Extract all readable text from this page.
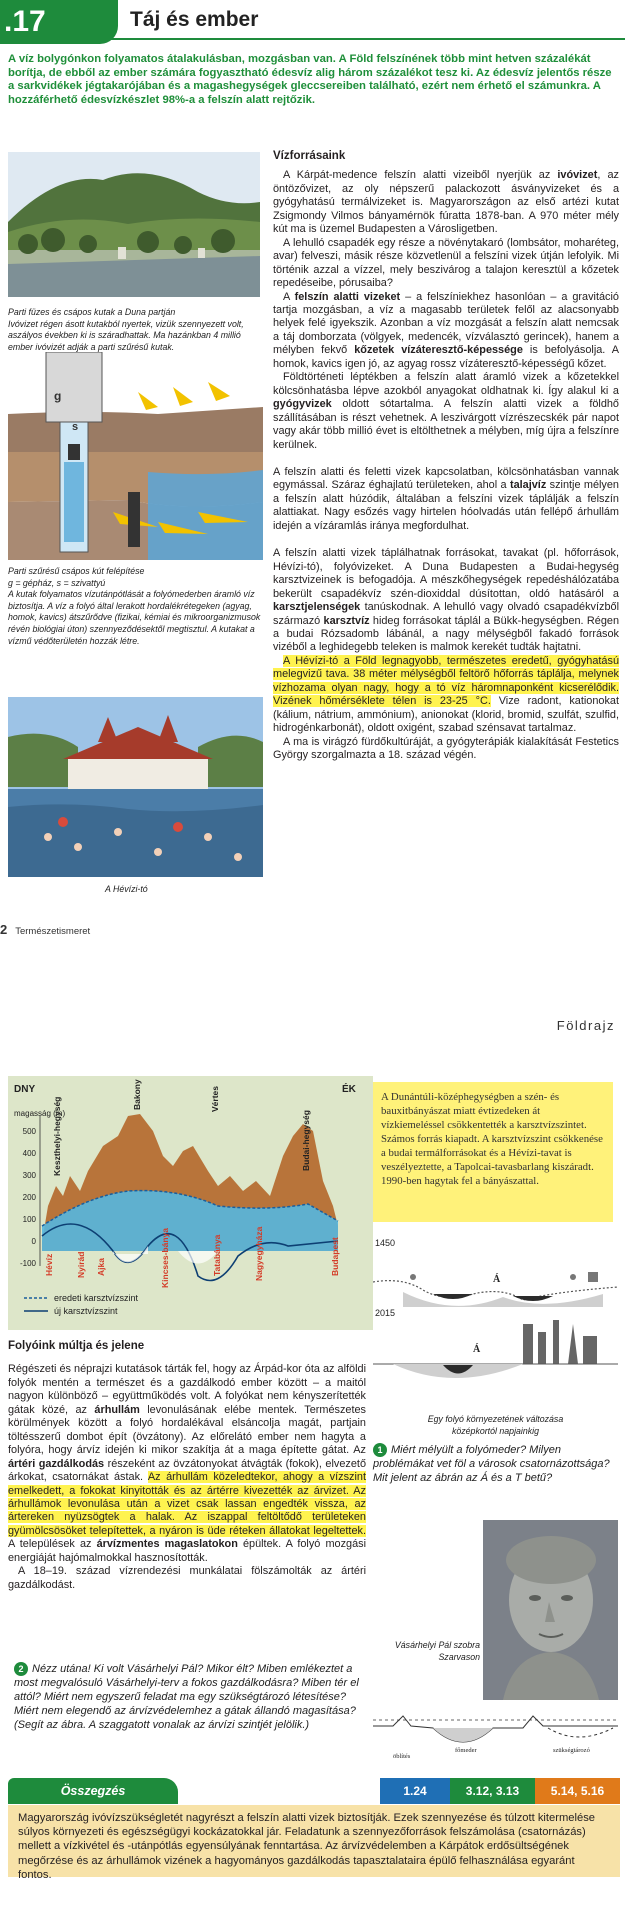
.17	Táj és ember
A víz bolygónkon folyamatos átalakulásban, mozgásban van. A Föld felszínének több mint hetven százalékát borítja, de ebből az ember számára fogyasztható édesvíz alig három százalékot tesz ki. Az édesvíz jelentős része a sarkvidékek jégtakarójában és a magashegységek gleccsereiben található, ezért nem érhető el számunkra. A hozzáférhető édesvízkészlet 98%-a a felszín alatt rejtőzik.
Parti füzes és csápos kutak a Duna partján
Ivóvizet régen ásott kutakból nyertek, vizük szennyezett volt, aszályos években ki is száradhattak. Ma hazánkban 4 millió ember ivóvizét adják a parti szűrésű kutak.
g
s
Parti szűrésű csápos kút felépítése
g = gépház, s = szivattyú
A kutak folyamatos vízutánpótlását a folyómederben áramló víz biztosítja. A víz a folyó által lerakott hordalékrétegeken (agyag, homok, kavics) átszűrődve (fizikai, kémiai és mikroorganizmusok révén biológiai úton) szennyeződésektől megtisztul. A kutakat a vízmű védőterületén hozzák létre.
A Hévízi-tó
Vízforrásaink

A Kárpát-medence felszín alatti vizeiből nyerjük az ivóvizet, az öntözővizet, az oly népszerű palackozott ásványvizeket és a gyógyhatású termálvizeket is. Magyarországon az első artézi kutat Zsigmondy Vilmos bányamérnök fúratta 1878-ban. A 970 méter mély kút ma is üzemel Budapesten a Városligetben.

A lehulló csapadék egy része a növénytakaró (lombsátor, moharéteg, avar) felveszi, másik része közvetlenül a felszíni vizek útján lefolyik. Mi történik azzal a vízzel, mely beszivárog a talajon keresztül a kőzetek repedéseibe, pórusaiba?

A felszín alatti vizeket – a felszíniekhez hasonlóan – a gravitáció tartja mozgásban, a víz a magasabb területek felől az alacsonyabb helyek felé igyekszik. Azonban a víz mozgását a felszín alatt nemcsak a táj domborzata (völgyek, medencék, vízválasztó gerincek), hanem a mélyben fekvő kőzetek vízáteresztő-képessége is befolyásolja. A homok, kavics igen jó, az agyag rossz vízáteresztő-képességű kőzet.

Földtörténeti léptékben a felszín alatt áramló vizek a kőzetekkel kölcsönhatásba lépve azokból anyagokat oldhatnak ki. Így alakul ki a gyógyvizek oldott sótartalma. A felszín alatti vizek a földhő szállításában is részt vehetnek. A leszivárgott vízrészecskék pár napot vagy akár több millió évet is eltölthetnek a mélyben, míg újra a felszínre kerülnek.

A felszín alatti és feletti vizek kapcsolatban, kölcsönhatásban vannak egymással. Száraz éghajlatú területeken, ahol a talajvíz szintje mélyen a felszín alatt húzódik, általában a felszíni vizek táplálják a felszín alattiakat. Nagy esőzés vagy hirtelen hóolvadás után fellépő árhullám idején a vízáramlás iránya megfordulhat.

A felszín alatti vizek táplálhatnak forrásokat, tavakat (pl. hőforrások, Hévízi-tó), folyóvizeket. A Duna Budapesten a Budai-hegység karsztvizeinek is befogadója. A mészkőhegységek repedéshálózatába bekerült csapadékvíz szén-dioxiddal dúsítottan, oldó hatásáról a karsztjelenségek tanúskodnak. A lehulló vagy olvadó csapadékvízből származó karsztvíz hideg forrásokat táplál a Bükk-hegységben. Régen a budai Rózsadomb lábánál, a nagy mélységből fakadó források vizéből a leghidegebb teleken is malmok kerekét tudták hajtatni.

A Hévízi-tó a Föld legnagyobb, természetes eredetű, gyógyhatású melegvizű tava. 38 méter mélységből feltörő hőforrás táplálja, melynek vízhozama olyan nagy, hogy a tó víz háromnaponként kicserélődik. Vizének hőmérséklete télen is 23-25 °C. Vize radont, kationokat (kálium, nátrium, ammónium), anionokat (klorid, bromid, szulfát, szulfid, hidrogénkarbonát), oldott oxigént, szabad szénsavat tartalmaz.

A ma is virágzó fürdőkultúráját, a gyógyterápiák kialakítását Festetics György szorgalmazta a 18. század végén.

2 Természetismeret
Földrajz
DNY	ÉK
magasság (m)
500
400
300
200
100
0
-100
Keszthelyi-hegység
Bakony	Vértes
Budai-hegység
Hévíz	Nyirád Ajka	Kincses-bánya	Tatabánya	Nagyegyháza	Budapest
eredeti karsztvízszint
új karsztvízszint
A Dunántúli-középhegységben a szén- és bauxitbányászat miatt évtizedeken át vízkiemeléssel csökkentették a karsztvízszintet. Számos forrás kiapadt. A karsztvízszint csökkenése a budai termálforrásokat és a Hévízi-tavat is veszélyeztette, a Tapolcai-tavasbarlang kiszáradt. 1990-ben hagytak fel a bányászattal.
1450
Á
2015
Á
Egy folyó környezetének változása
középkortól napjainkig
1 Miért mélyült a folyómeder? Milyen problémákat vet föl a városok csatornázottsága? Mit jelent az ábrán az Á és a T betű?
Folyóink múltja és jelene

Régészeti és néprajzi kutatások tárták fel, hogy az Árpád-kor óta az alföldi folyók mentén a természet és a gazdálkodó ember között – a maitól nagyon különböző – együttműködés volt. A folyókat nem kényszerítették gátak közé, az árhullám levonulásának elébe mentek. Természetes körülmények között a folyó hordalékával elsáncolja magát, partjain töltésszerű dombot épít (övzátony). Az előrelátó ember nem hagyta a folyóra, hogy árvíz idején ki mikor szakítja át a maga építette gátat. Az ártéri gazdálkodás részeként az övzátonyokat átvágták (fokok), elvezető árkokat, csatornákat ástak. Az árhullám közeledtekor, ahogy a vízszint emelkedett, a fokokat kinyitották és az ártérre kivezették az árvizet. Az árhullámok levonulása után a vizet csak lassan engedték vissza, az ártereken nyüzsögtek a halak. Az iszappal feltöltődő területeken gyümölcsösöket telepítettek, a nyáron is üde réteken állatokat legeltettek. A települések az árvízmentes magaslatokon épültek. A folyó mozgási energiáját hajómalmokkal hasznosították.

A 18–19. század vízrendezési munkálatai fölszámolták az ártéri gazdálkodást.

Vásárhelyi Pál szobra
Szarvason
2 Nézz utána! Ki volt Vásárhelyi Pál? Mikor élt? Miben emlékeztet a most megvalósuló Vásárhelyi-terv a fokos gazdálkodásra? Miben tér el attól? Miért nem egyszerű feladat ma egy szükségtározó létesítése? Miért nem elegendő az árvízvédelemhez a gátak állandó magasítása? (Segít az ábra. A szaggatott vonalak az árvízi szintjét jelölik.)
öblítés
főmeder	szükségtározó
Összegzés	1.24	3.12, 3.13	5.14, 5.16
Magyarország ivóvízszükségletét nagyrészt a felszín alatti vizek biztosítják. Ezek szennyezése és túlzott kitermelése súlyos környezeti és egészségügyi kockázatokkal jár. Feladatunk a szennyezőforrások felszámolása (csatornázás) mellett a vízkivétel és -utánpótlás egyensúlyának fenntartása. Az árvízvédelemben a Kárpátok erdősültségének megőrzése és az árhullámok vizének a hagyományos gazdálkodás tapasztalataira épülő felhasználása egyaránt fontos.
